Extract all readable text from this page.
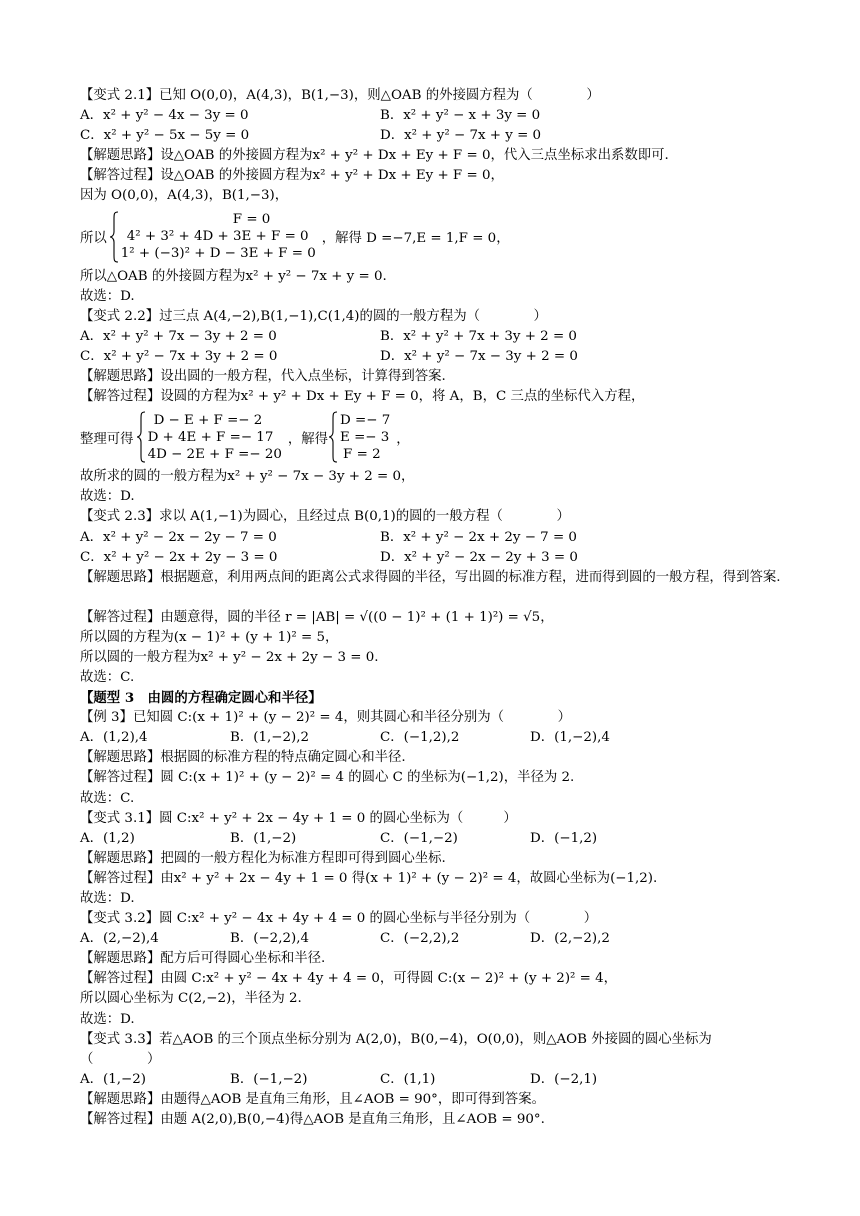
【变式 2.1】已知 O(0,0)，A(4,3)，B(1,−3)，则△OAB 的外接圆方程为（　　　　）
A．x² + y² − 4x − 3y = 0	B．x² + y² − x + 3y = 0
C．x² + y² − 5x − 5y = 0	D．x² + y² − 7x + y = 0
【解题思路】设△OAB 的外接圆方程为x² + y² + Dx + Ey + F = 0，代入三点坐标求出系数即可.
【解答过程】设△OAB 的外接圆方程为x² + y² + Dx + Ey + F = 0，
因为 O(0,0)，A(4,3)，B(1,−3)，
所以
F = 0
4² + 3² + 4D + 3E + F = 0
1² + (−3)² + D − 3E + F = 0
，解得 D =−7,E = 1,F = 0，
所以△OAB 的外接圆方程为x² + y² − 7x + y = 0.
故选：D.
【变式 2.2】过三点 A(4,−2),B(1,−1),C(1,4)的圆的一般方程为（　　　　）
A．x² + y² + 7x − 3y + 2 = 0	B．x² + y² + 7x + 3y + 2 = 0
C．x² + y² − 7x + 3y + 2 = 0	D．x² + y² − 7x − 3y + 2 = 0
【解题思路】设出圆的一般方程，代入点坐标，计算得到答案.
【解答过程】设圆的方程为x² + y² + Dx + Ey + F = 0，将 A，B，C 三点的坐标代入方程，
整理可得
D − E + F =− 2
D + 4E + F =− 17
4D − 2E + F =− 20
，解得
D =− 7
E =− 3
F = 2
，
故所求的圆的一般方程为x² + y² − 7x − 3y + 2 = 0，
故选：D.
【变式 2.3】求以 A(1,−1)为圆心，且经过点 B(0,1)的圆的一般方程（　　　　）
A．x² + y² − 2x − 2y − 7 = 0	B．x² + y² − 2x + 2y − 7 = 0
C．x² + y² − 2x + 2y − 3 = 0	D．x² + y² − 2x − 2y + 3 = 0
【解题思路】根据题意，利用两点间的距离公式求得圆的半径，写出圆的标准方程，进而得到圆的一般方程，得到答案.
【解答过程】由题意得，圆的半径 r = |AB| = √((0 − 1)² + (1 + 1)²) = √5，
所以圆的方程为(x − 1)² + (y + 1)² = 5，
所以圆的一般方程为x² + y² − 2x + 2y − 3 = 0.
故选：C.
【题型 3　由圆的方程确定圆心和半径】
【例 3】已知圆 C:(x + 1)² + (y − 2)² = 4，则其圆心和半径分别为（　　　　）
A．(1,2),4	B．(1,−2),2	C．(−1,2),2	D．(1,−2),4
【解题思路】根据圆的标准方程的特点确定圆心和半径.
【解答过程】圆 C:(x + 1)² + (y − 2)² = 4 的圆心 C 的坐标为(−1,2)，半径为 2.
故选：C.
【变式 3.1】圆 C:x² + y² + 2x − 4y + 1 = 0 的圆心坐标为（　　　）
A．(1,2)	B．(1,−2)	C．(−1,−2)	D．(−1,2)
【解题思路】把圆的一般方程化为标准方程即可得到圆心坐标.
【解答过程】由x² + y² + 2x − 4y + 1 = 0 得(x + 1)² + (y − 2)² = 4，故圆心坐标为(−1,2).
故选：D.
【变式 3.2】圆 C:x² + y² − 4x + 4y + 4 = 0 的圆心坐标与半径分别为（　　　　）
A．(2,−2),4	B．(−2,2),4	C．(−2,2),2	D．(2,−2),2
【解题思路】配方后可得圆心坐标和半径.
【解答过程】由圆 C:x² + y² − 4x + 4y + 4 = 0，可得圆 C:(x − 2)² + (y + 2)² = 4，
所以圆心坐标为 C(2,−2)，半径为 2.
故选：D.
【变式 3.3】若△AOB 的三个顶点坐标分别为 A(2,0)，B(0,−4)，O(0,0)，则△AOB 外接圆的圆心坐标为
（　　　　）
A．(1,−2)	B．(−1,−2)	C．(1,1)	D．(−2,1)
【解题思路】由题得△AOB 是直角三角形，且∠AOB = 90°，即可得到答案。
【解答过程】由题 A(2,0),B(0,−4)得△AOB 是直角三角形，且∠AOB = 90°.
